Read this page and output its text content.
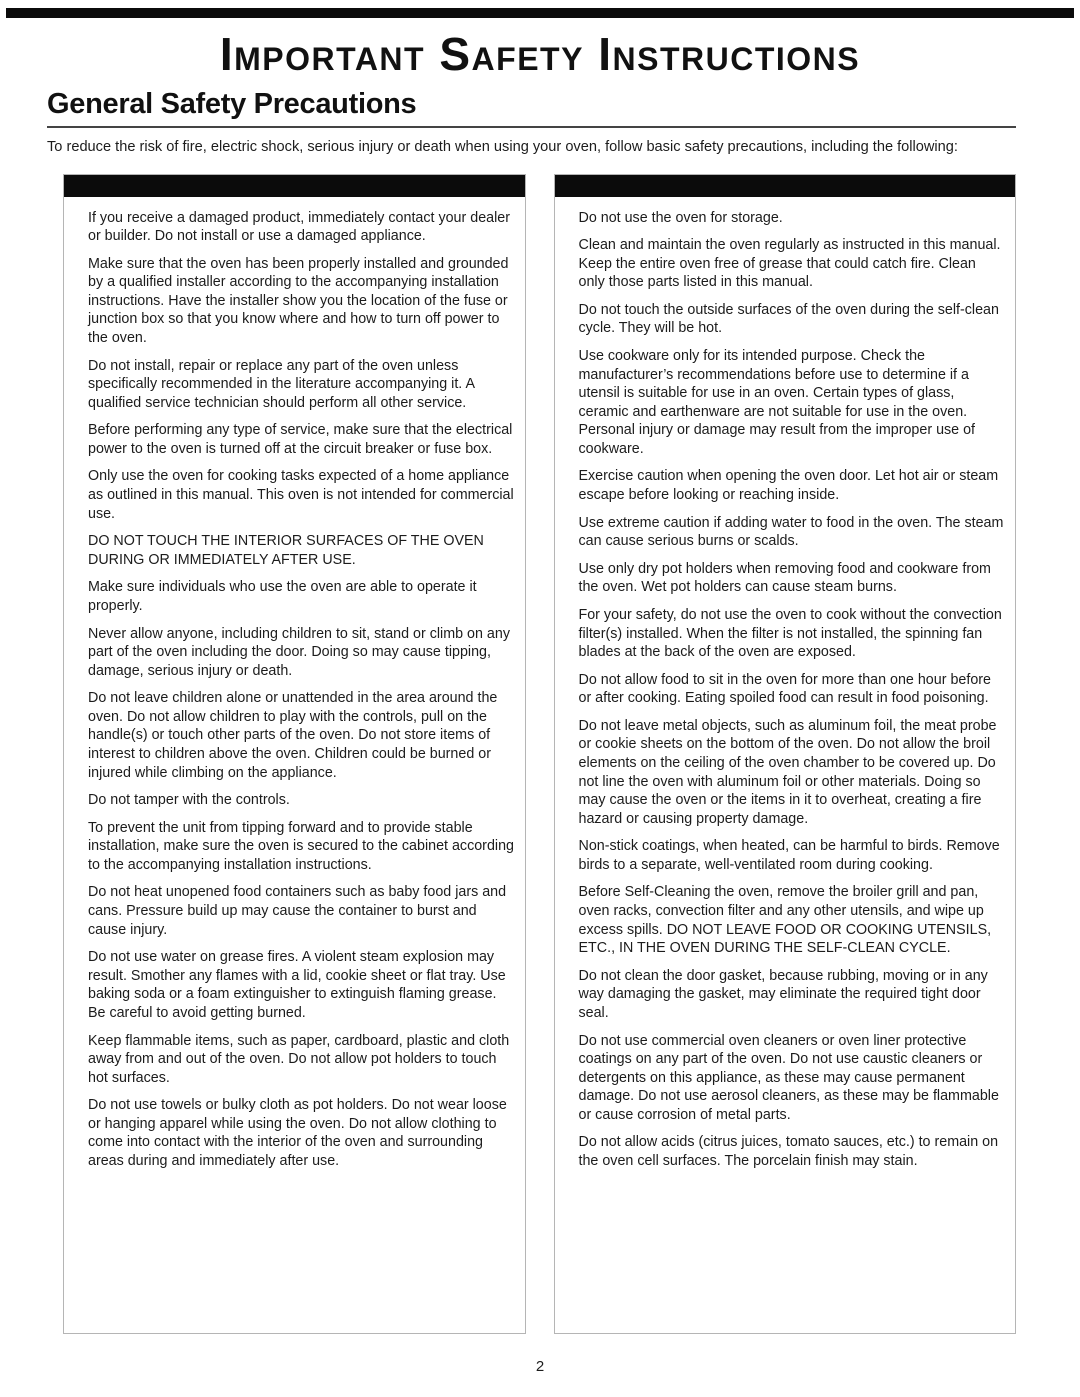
Important Safety Instructions
General Safety Precautions

To reduce the risk of fire, electric shock, serious injury or death when using your oven, follow basic safety precautions, including the following:

If you receive a damaged product, immediately contact your dealer or builder. Do not install or use a damaged appliance.

Make sure that the oven has been properly installed and grounded by a qualified installer according to the accompanying installation instructions. Have the installer show you the location of the fuse or junction box so that you know where and how to turn off power to the oven.

Do not install, repair or replace any part of the oven unless specifically recommended in the literature accompanying it. A qualified service technician should perform all other service.

Before performing any type of service, make sure that the electrical power to the oven is turned off at the circuit breaker or fuse box.

Only use the oven for cooking tasks expected of a home appliance as outlined in this manual. This oven is not intended for commercial use.

DO NOT TOUCH THE INTERIOR SURFACES OF THE OVEN DURING OR IMMEDIATELY AFTER USE.

Make sure individuals who use the oven are able to operate it properly.

Never allow anyone, including children to sit, stand or climb on any part of the oven including the door. Doing so may cause tipping, damage, serious injury or death.

Do not leave children alone or unattended in the area around the oven. Do not allow children to play with the controls, pull on the handle(s) or touch other parts of the oven. Do not store items of interest to children above the oven. Children could be burned or injured while climbing on the appliance.

Do not tamper with the controls.

To prevent the unit from tipping forward and to provide stable installation, make sure the oven is secured to the cabinet according to the accompanying installation instructions.

Do not heat unopened food containers such as baby food jars and cans. Pressure build up may cause the container to burst and cause injury.

Do not use water on grease fires. A violent steam explosion may result. Smother any flames with a lid, cookie sheet or flat tray. Use baking soda or a foam extinguisher to extinguish flaming grease. Be careful to avoid getting burned.

Keep flammable items, such as paper, cardboard, plastic and cloth away from and out of the oven. Do not allow pot holders to touch hot surfaces.

Do not use towels or bulky cloth as pot holders. Do not wear loose or hanging apparel while using the oven. Do not allow clothing to come into contact with the interior of the oven and surrounding areas during and immediately after use.

Do not use the oven for storage.

Clean and maintain the oven regularly as instructed in this manual. Keep the entire oven free of grease that could catch fire. Clean only those parts listed in this manual.

Do not touch the outside surfaces of the oven during the self-clean cycle. They will be hot.

Use cookware only for its intended purpose. Check the manufacturer’s recommendations before use to determine if a utensil is suitable for use in an oven. Certain types of glass, ceramic and earthenware are not suitable for use in the oven. Personal injury or damage may result from the improper use of cookware.

Exercise caution when opening the oven door. Let hot air or steam escape before looking or reaching inside.

Use extreme caution if adding water to food in the oven. The steam can cause serious burns or scalds.

Use only dry pot holders when removing food and cookware from the oven. Wet pot holders can cause steam burns.

For your safety, do not use the oven to cook without the convection filter(s) installed. When the filter is not installed, the spinning fan blades at the back of the oven are exposed.

Do not allow food to sit in the oven for more than one hour before or after cooking. Eating spoiled food can result in food poisoning.

Do not leave metal objects, such as aluminum foil, the meat probe or cookie sheets on the bottom of the oven. Do not allow the broil elements on the ceiling of the oven chamber to be covered up. Do not line the oven with aluminum foil or other materials. Doing so may cause the oven or the items in it to overheat, creating a fire hazard or causing property damage.

Non-stick coatings, when heated, can be harmful to birds. Remove birds to a separate, well-ventilated room during cooking.

Before Self-Cleaning the oven, remove the broiler grill and pan, oven racks, convection filter and any other utensils, and wipe up excess spills. DO NOT LEAVE FOOD OR COOKING UTENSILS, ETC., IN THE OVEN DURING THE SELF-CLEAN CYCLE.

Do not clean the door gasket, because rubbing, moving or in any way damaging the gasket, may eliminate the required tight door seal.

Do not use commercial oven cleaners or oven liner protective coatings on any part of the oven. Do not use caustic cleaners or detergents on this appliance, as these may cause permanent damage. Do not use aerosol cleaners, as these may be flammable or cause corrosion of metal parts.

Do not allow acids (citrus juices, tomato sauces, etc.) to remain on the oven cell surfaces. The porcelain finish may stain.

2
